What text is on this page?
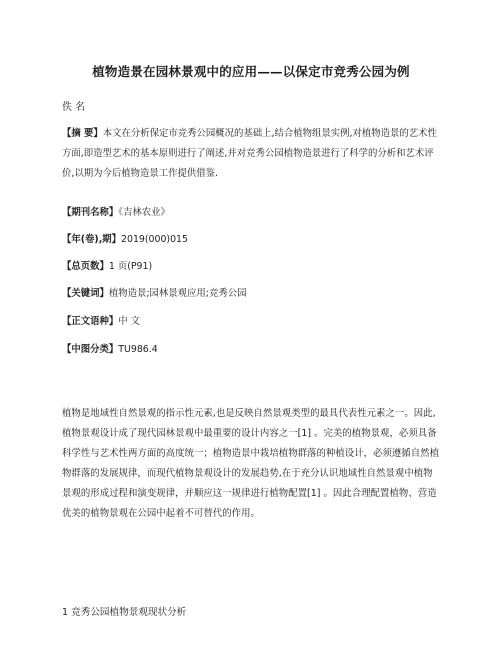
植物造景在园林景观中的应用——以保定市竞秀公园为例
佚 名
【摘 要】本文在分析保定市竞秀公园概况的基础上,结合植物组景实例,对植物造景的艺术性方面,即造型艺术的基本原则进行了阐述,并对竞秀公园植物造景进行了科学的分析和艺术评价,以期为今后植物造景工作提供借鉴.
【期刊名称】《吉林农业》
【年(卷),期】2019(000)015
【总页数】1 页(P91)
【关键词】植物造景;园林景观应用;竞秀公园
【正文语种】中 文
【中图分类】TU986.4
植物是地域性自然景观的指示性元素,也是反映自然景观类型的最具代表性元素之一。因此,植物景观设计成了现代园林景观中最重要的设计内容之一[1] 。完美的植物景观，必须具备科学性与艺术性两方面的高度统一；植物造景中栽培植物群落的种植设计，必须遵循自然植物群落的发展规律，而现代植物景观设计的发展趋势,在于充分认识地域性自然景观中植物景观的形成过程和演变规律，并顺应这一规律进行植物配置[1] 。因此合理配置植物、营造优美的植物景观在公园中起着不可替代的作用。
1 竞秀公园植物景观现状分析
